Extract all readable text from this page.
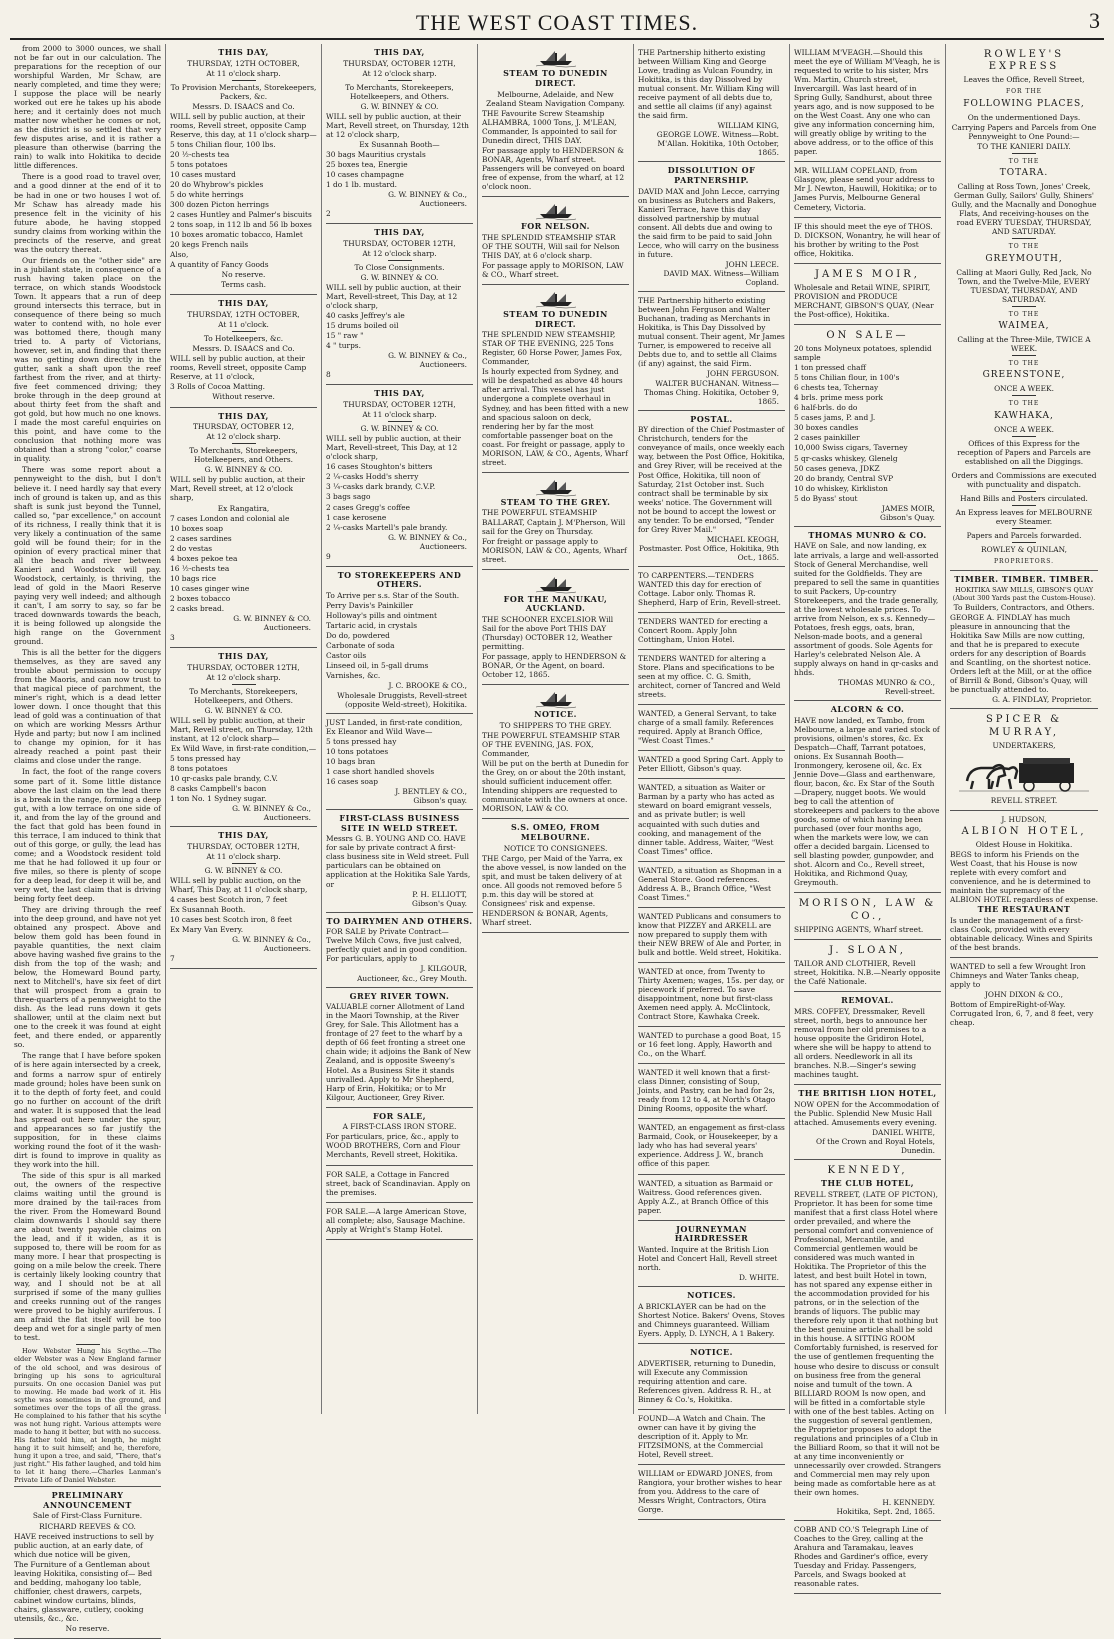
THE WEST COAST TIMES.	3

from 2000 to 3000 ounces, we shall not be far out in our calculation. The preparations for the reception of our worshipful Warden, Mr Schaw, are nearly completed, and time they were; I suppose the place will be nearly worked out ere he takes up his abode here; and it certainly does not much matter now whether he comes or not, as the district is so settled that very few disputes arise, and it is rather a pleasure than otherwise (barring the rain) to walk into Hokitika to decide little differences.

There is a good road to travel over, and a good dinner at the end of it to be had in one or two houses I wot of. Mr Schaw has already made his presence felt in the vicinity of his future abode, he having stopped sundry claims from working within the precincts of the reserve, and great was the outcry thereat.

Our friends on the "other side" are in a jubilant state, in consequence of a rush having taken place on the terrace, on which stands Woodstock Town. It appears that a run of deep ground intersects this terrace, but in consequence of there being so much water to contend with, no hole ever was bottomed there, though many tried to. A party of Victorians, however, set in, and finding that there was no getting down directly in the gutter, sank a shaft upon the reef farthest from the river, and at thirty-five feet commenced driving; they broke through in the deep ground at about thirty feet from the shaft and got gold, but how much no one knows. I made the most careful enquiries on this point, and have come to the conclusion that nothing more was obtained than a strong "color," coarse in quality.

There was some report about a pennyweight to the dish, but I don't believe it. I need hardly say that every inch of ground is taken up, and as this shaft is sunk just beyond the Tunnel, called so, "par excellence," on account of its richness, I really think that it is very likely a continuation of the same gold will be found their; for in the opinion of every practical miner that all the beach and river between Kanieri and Woodstock will pay. Woodstock, certainly, is thriving, the lead of gold in the Maori Reserve paying very well indeed; and although it can't, I am sorry to say, so far be traced downwards towards the beach, it is being followed up alongside the high range on the Government ground.

This is all the better for the diggers themselves, as they are saved any trouble about permission to occupy from the Maoris, and can now trust to that magical piece of parchment, the miner's right, which is a dead letter lower down. I once thought that this lead of gold was a continuation of that on which are working Messrs Arthur Hyde and party; but now I am inclined to change my opinion, for it has already reached a point past their claims and close under the range.

In fact, the foot of the range covers some part of it. Some little distance above the last claim on the lead there is a break in the range, forming a deep gut, with a low terrace on one side of it, and from the lay of the ground and the fact that gold has been found in this terrace, I am induced to think that out of this gorge, or gully, the lead has come; and a Woodstock resident told me that he had followed it up four or five miles, so there is plenty of scope for a deep lead, for deep it will be, and very wet, the last claim that is driving being forty feet deep.

They are driving through the reef into the deep ground, and have not yet obtained any prospect. Above and below them gold has been found in payable quantities, the next claim above having washed five grains to the dish from the top of the wash; and below, the Homeward Bound party, next to Mitchell's, have six feet of dirt that will prospect from a grain to three-quarters of a pennyweight to the dish. As the lead runs down it gets shallower, until at the claim next but one to the creek it was found at eight feet, and there ended, or apparently so.

The range that I have before spoken of is here again intersected by a creek, and forms a narrow spur of entirely made ground; holes have been sunk on it to the depth of forty feet, and could go no further on account of the drift and water. It is supposed that the lead has spread out here under the spur, and appearances so far justify the supposition, for in these claims working round the foot of it the wash-dirt is found to improve in quality as they work into the hill.

The side of this spur is all marked out, the owners of the respective claims waiting until the ground is more drained by the tail-races from the river. From the Homeward Bound claim downwards I should say there are about twenty payable claims on the lead, and if it widen, as it is supposed to, there will be room for as many more. I hear that prospecting is going on a mile below the creek. There is certainly likely looking country that way, and I should not be at all surprised if some of the many gullies and creeks running out of the ranges were proved to be highly auriferous. I am afraid the flat itself will be too deep and wet for a single party of men to test.

How Webster Hung his Scythe.—The elder Webster was a New England farmer of the old school, and was desirous of bringing up his sons to agricultural pursuits. On one occasion Daniel was put to mowing. He made bad work of it. His scythe was sometimes in the ground, and sometimes over the tops of all the grass. He complained to his father that his scythe was not hung right. Various attempts were made to hang it better, but with no success. His father told him, at length, he might hang it to suit himself; and he, therefore, hung it upon a tree, and said, "There, that's just right." His father laughed, and told him to let it hang there.—Charles Lanman's Private Life of Daniel Webster.

PRELIMINARY ANNOUNCEMENT
Sale of First-Class Furniture.
RICHARD REEVES & CO.
HAVE received instructions to sell by public auction, at an early date, of which due notice will be given,
The Furniture of a Gentleman about leaving Hokitika, consisting of— Bed and bedding, mahogany loo table, chiffonier, chest drawers, carpets, cabinet window curtains, blinds, chairs, glassware, cutlery, cooking utensils, &c., &c.
No reserve.
THIS DAY,
THURSDAY, 12TH OCTOBER,
At 11 o'clock sharp.
To Provision Merchants, Storekeepers, Packers, &c.
Messrs. D. ISAACS and Co.
WILL sell by public auction, at their rooms, Revell street, opposite Camp Reserve, this day, at 11 o'clock sharp—
5 tons Chilian flour, 100 lbs.
20 ½-chests tea
5 tons potatoes
10 cases mustard
20 do Whybrow's pickles
5 do white herrings
300 dozen Picton herrings
2 cases Huntley and Palmer's biscuits
2 tons soap, in 112 lb and 56 lb boxes
10 boxes aromatic tobacco, Hamlet
20 kegs French nails
Also,
A quantity of Fancy Goods
No reserve.
Terms cash.
THIS DAY,
THURSDAY, 12TH OCTOBER,
At 11 o'clock.
To Hotelkeepers, &c.
Messrs. D. ISAACS and Co.
WILL sell by public auction, at their rooms, Revell street, opposite Camp Reserve, at 11 o'clock,
3 Rolls of Cocoa Matting.
Without reserve.
THIS DAY,
THURSDAY, OCTOBER 12,
At 12 o'clock sharp.
To Merchants, Storekeepers, Hotelkeepers, and Others.
G. W. BINNEY & CO.
WILL sell by public auction, at their Mart, Revell street, at 12 o'clock sharp,
Ex Rangatira,
7 cases London and colonial ale
10 boxes soap
2 cases sardines
2 do vestas
4 boxes pekoe tea
16 ½-chests tea
10 bags rice
10 cases ginger wine
2 boxes tobacco
2 casks bread.
G. W. BINNEY & CO.
Auctioneers.
3
THIS DAY,
THURSDAY, OCTOBER 12TH,
At 12 o'clock sharp.
To Merchants, Storekeepers, Hotelkeepers, and Others.
G. W. BINNEY & CO.
WILL sell by public auction, at their Mart, Revell street, on Thursday, 12th instant, at 12 o'clock sharp—
Ex Wild Wave, in first-rate condition,—
5 tons pressed hay
8 tons potatoes
10 qr-casks pale brandy, C.V.
8 casks Campbell's bacon
1 ton No. 1 Sydney sugar.
G. W. BINNEY & Co.,
Auctioneers.
THIS DAY,
THURSDAY, OCTOBER 12TH,
At 11 o'clock sharp.
G. W. BINNEY & CO.
WILL sell by public auction, on the Wharf, This Day, at 11 o'clock sharp,
4 cases best Scotch iron, 7 feet
Ex Susannah Booth.
10 cases best Scotch iron, 8 feet
Ex Mary Van Every.
G. W. BINNEY & Co.,
Auctioneers.
7
THIS DAY,
THURSDAY, OCTOBER 12TH,
At 12 o'clock sharp.
To Merchants, Storekeepers, Hotelkeepers, and Others.
G. W. BINNEY & CO.
WILL sell by public auction, at their Mart, Revell street, on Thursday, 12th at 12 o'clock sharp,
Ex Susannah Booth—
30 bags Mauritius crystals
25 boxes tea, Energie
10 cases champagne
1 do 1 lb. mustard.
G. W. BINNEY & Co.,
Auctioneers.
2
THIS DAY,
THURSDAY, OCTOBER 12TH,
At 12 o'clock sharp.
To Close Consignments.
G. W. BINNEY & CO.
WILL sell by public auction, at their Mart, Revell-street, This Day, at 12 o'clock sharp,
40 casks Jeffrey's ale
15 drums boiled oil
15 " raw "
4 " turps.
G. W. BINNEY & Co.,
Auctioneers.
8
THIS DAY,
THURSDAY, OCTOBER 12TH,
At 11 o'clock sharp.
G. W. BINNEY & CO.
WILL sell by public auction, at their Mart, Revell-street, This Day, at 12 o'clock sharp,
16 cases Stoughton's bitters
2 ¼-casks Hodd's sherry
3 ¼-casks dark brandy, C.V.P.
3 bags sago
2 cases Gregg's coffee
1 case kerosene
2 ¼-casks Martell's pale brandy.
G. W. BINNEY & Co.,
Auctioneers.
9
TO STOREKEEPERS AND OTHERS.
To Arrive per s.s. Star of the South.
Perry Davis's Painkiller
Holloway's pills and ointment
Tartaric acid, in crystals
Do do, powdered
Carbonate of soda
Castor oils
Linseed oil, in 5-gall drums
Varnishes, &c.
J. C. BROOKE & CO.,
Wholesale Druggists, Revell-street (opposite Weld-street), Hokitika.
JUST Landed, in first-rate condition, Ex Eleanor and Wild Wave—
5 tons pressed hay
10 tons potatoes
10 bags bran
1 case short handled shovels
16 cases soap
J. BENTLEY & CO.,
Gibson's quay.
FIRST-CLASS BUSINESS SITE IN WELD STREET.
Messrs G. B. YOUNG AND CO. HAVE for sale by private contract A first-class business site in Weld street. Full particulars can be obtained on application at the Hokitika Sale Yards, or
P. H. ELLIOTT,
Gibson's Quay.
TO DAIRYMEN AND OTHERS.
FOR SALE by Private Contract— Twelve Milch Cows, five just calved, perfectly quiet and in good condition. For particulars, apply to
J. KILGOUR,
Auctioneer, &c., Grey Mouth.
GREY RIVER TOWN.
VALUABLE corner Allotment of Land in the Maori Township, at the River Grey, for Sale. This Allotment has a frontage of 27 feet to the wharf by a depth of 66 feet fronting a street one chain wide; it adjoins the Bank of New Zealand, and is opposite Sweeny's Hotel. As a Business Site it stands unrivalled. Apply to Mr Shepherd, Harp of Erin, Hokitika; or to Mr Kilgour, Auctioneer, Grey River.
FOR SALE,
A FIRST-CLASS IRON STORE.
For particulars, price, &c., apply to WOOD BROTHERS, Corn and Flour Merchants, Revell street, Hokitika.
FOR SALE, a Cottage in Fancred street, back of Scandinavian. Apply on the premises.
FOR SALE.—A large American Stove, all complete; also, Sausage Machine. Apply at Wright's Stamp Hotel.
STEAM TO DUNEDIN DIRECT.
Melbourne, Adelaide, and New Zealand Steam Navigation Company.
THE Favourite Screw Steamship ALHAMBRA, 1000 Tons, J. M'LEAN, Commander, Is appointed to sail for Dunedin direct, THIS DAY.
For passage apply to HENDERSON & BONAR, Agents, Wharf street. Passengers will be conveyed on board free of expense, from the wharf, at 12 o'clock noon.
FOR NELSON.
THE SPLENDID STEAMSHIP STAR OF THE SOUTH, Will sail for Nelson THIS DAY, at 6 o'clock sharp.
For passage apply to MORISON, LAW & CO., Wharf street.
STEAM TO DUNEDIN DIRECT.
THE SPLENDID NEW STEAMSHIP, STAR OF THE EVENING, 225 Tons Register, 60 Horse Power, James Fox, Commander,
Is hourly expected from Sydney, and will be despatched as above 48 hours after arrival. This vessel has just undergone a complete overhaul in Sydney, and has been fitted with a new and spacious saloon on deck, rendering her by far the most comfortable passenger boat on the coast. For freight or passage, apply to MORISON, LAW, & CO., Agents, Wharf street.
STEAM TO THE GREY.
THE POWERFUL STEAMSHIP BALLARAT, Captain J. M'Pherson, Will sail for the Grey on Thursday.
For freight or passage apply to MORISON, LAW & CO., Agents, Wharf street.
FOR THE MANUKAU, AUCKLAND.
THE SCHOONER EXCELSIOR Will Sail for the above Port THIS DAY (Thursday) OCTOBER 12, Weather permitting.
For passage, apply to HENDERSON & BONAR, Or the Agent, on board. October 12, 1865.
NOTICE.
TO SHIPPERS TO THE GREY.
THE POWERFUL STEAMSHIP STAR OF THE EVENING, JAS. FOX, Commander,
Will be put on the berth at Dunedin for the Grey, on or about the 20th instant, should sufficient inducement offer. Intending shippers are requested to communicate with the owners at once. MORISON, LAW & CO.
S.S. OMEO, FROM MELBOURNE.
NOTICE TO CONSIGNEES.
THE Cargo, per Maid of the Yarra, ex the above vessel, is now landed on the spit, and must be taken delivery of at once. All goods not removed before 5 p.m. this day will be stored at Consignees' risk and expense.
HENDERSON & BONAR, Agents, Wharf street.
THE Partnership hitherto existing between William King and George Lowe, trading as Vulcan Foundry, in Hokitika, is this day Dissolved by mutual consent. Mr. William King will receive payment of all debts due to, and settle all claims (if any) against the said firm.
WILLIAM KING,
GEORGE LOWE. Witness—Robt. M'Allan. Hokitika, 10th October, 1865.
DISSOLUTION OF PARTNERSHIP.
DAVID MAX and John Lecce, carrying on business as Butchers and Bakers, Kanieri Terrace, have this day dissolved partnership by mutual consent. All debts due and owing to the said firm to be paid to said John Lecce, who will carry on the business in future.
JOHN LEECE.
DAVID MAX. Witness—William Copland.
THE Partnership hitherto existing between John Ferguson and Walter Buchanan, trading as Merchants in Hokitika, is This Day Dissolved by mutual consent. Their agent, Mr James Turner, is empowered to receive all Debts due to, and to settle all Claims (if any) against, the said Firm.
JOHN FERGUSON.
WALTER BUCHANAN. Witness—Thomas Ching. Hokitika, October 9, 1865.
POSTAL.
BY direction of the Chief Postmaster of Christchurch, tenders for the conveyance of mails, once weekly each way, between the Post Office, Hokitika, and Grey River, will be received at the Post Office, Hokitika, till noon of Saturday, 21st October inst. Such contract shall be terminable by six weeks' notice. The Government will not be bound to accept the lowest or any tender. To be endorsed, "Tender for Grey River Mail."
MICHAEL KEOGH,
Postmaster. Post Office, Hokitika, 9th Oct., 1865.
TO CARPENTERS.—TENDERS WANTED this day for erection of Cottage. Labor only. Thomas R. Shepherd, Harp of Erin, Revell-street.
TENDERS WANTED for erecting a Concert Room. Apply John Cottingham, Union Hotel.
TENDERS WANTED for altering a Store. Plans and specifications to be seen at my office. C. G. Smith, architect, corner of Tancred and Weld streets.
WANTED, a General Servant, to take charge of a small family. References required. Apply at Branch Office, "West Coast Times."
WANTED a good Spring Cart. Apply to Peter Elliott, Gibson's quay.
WANTED, a situation as Waiter or Barman by a party who has acted as steward on board emigrant vessels, and as private butler; is well acquainted with such duties and cooking, and management of the dinner table. Address, Waiter, "West Coast Times" office.
WANTED, a situation as Shopman in a General Store. Good references. Address A. B., Branch Office, "West Coast Times."
WANTED Publicans and consumers to know that PIZZEY and ARKELL are now prepared to supply them with their NEW BREW of Ale and Porter, in bulk and bottle. Weld street, Hokitika.
WANTED at once, from Twenty to Thirty Axemen; wages, 15s. per day, or piecework if preferred. To save disappointment, none but first-class Axemen need apply. A. McClintock, Contract Store, Kawhaka Creek.
WANTED to purchase a good Boat, 15 or 16 feet long. Apply, Haworth and Co., on the Wharf.
WANTED it well known that a first-class Dinner, consisting of Soup, Joints, and Pastry, can be had for 2s, ready from 12 to 4, at North's Otago Dining Rooms, opposite the wharf.
WANTED, an engagement as first-class Barmaid, Cook, or Housekeeper, by a lady who has had several years' experience. Address J. W., branch office of this paper.
WANTED, a situation as Barmaid or Waitress. Good references given. Apply A.Z., at Branch Office of this paper.
JOURNEYMAN HAIRDRESSER
Wanted. Inquire at the British Lion Hotel and Concert Hall, Revell street north.
D. WHITE.
NOTICES.
A BRICKLAYER can be had on the Shortest Notice. Bakers' Ovens, Stoves and Chimneys guaranteed. William Eyers. Apply, D. LYNCH, A 1 Bakery.
NOTICE.
ADVERTISER, returning to Dunedin, will Execute any Commission requiring attention and care. References given. Address R. H., at Binney & Co.'s, Hokitika.
FOUND—A Watch and Chain. The owner can have it by giving the description of it. Apply to Mr. FITZSIMONS, at the Commercial Hotel, Revell street.
WILLIAM or EDWARD JONES, from Rangiora, your brother wishes to hear from you. Address to the care of Messrs Wright, Contractors, Otira Gorge.
WILLIAM M'VEAGH.—Should this meet the eye of William M'Veagh, he is requested to write to his sister, Mrs Wm. Martin, Church street, Invercargill. Was last heard of in Spring Gully, Sandhurst, about three years ago, and is now supposed to be on the West Coast. Any one who can give any information concerning him, will greatly oblige by writing to the above address, or to the office of this paper.
MR. WILLIAM COPELAND, from Glasgow, please send your address to Mr J. Newton, Hauwill, Hokitika; or to James Purvis, Melbourne General Cemetery, Victoria.
IF this should meet the eye of THOS. D. DICKSON, Wonantry, he will hear of his brother by writing to the Post office, Hokitika.
JAMES MOIR,
Wholesale and Retail WINE, SPIRIT, PROVISION and PRODUCE MERCHANT, GIBSON'S QUAY, (Near the Post-office), Hokitika.
ON SALE—
20 tons Molyneux potatoes, splendid sample
1 ton pressed chaff
5 tons Chilian flour, in 100's
6 chests tea, Tchernay
4 brls. prime mess pork
6 half-brls. do do
5 cases jams, P. and J.
30 boxes candles
2 cases painkiller
10,000 Swiss cigars, Taverney
5 qr-casks whiskey, Glenelg
50 cases geneva, JDKZ
20 do brandy, Central SVP
10 do whiskey, Kirkliston
5 do Byass' stout
JAMES MOIR,
Gibson's Quay.
THOMAS MUNRO & CO.
HAVE on Sale, and now landing, ex late arrivals, a large and well-assorted Stock of General Merchandise, well suited for the Goldfields. They are prepared to sell the same in quantities to suit Packers, Up-country Storekeepers, and the trade generally, at the lowest wholesale prices. To arrive from Nelson, ex s.s. Kennedy—Potatoes, fresh eggs, oats, bran, Nelson-made boots, and a general assortment of goods. Sole Agents for Harley's celebrated Nelson Ale. A supply always on hand in qr-casks and hhds.
THOMAS MUNRO & CO.,
Revell-street.
ALCORN & CO.
HAVE now landed, ex Tambo, from Melbourne, a large and varied stock of provisions, oilmen's stores, &c. Ex Despatch—Chaff, Tarrant potatoes, onions. Ex Susannah Booth—Ironmongery, kerosene oil, &c. Ex Jennie Dove—Glass and earthenware, flour, bacon, &c. Ex Star of the South—Drapery, nugget boots. We would beg to call the attention of storekeepers and packers to the above goods, some of which having been purchased (over four months ago, when the markets were low, we can offer a decided bargain. Licensed to sell blasting powder, gunpowder, and shot. Alcorn and Co., Revell street, Hokitika, and Richmond Quay, Greymouth.
MORISON, LAW & CO.,
SHIPPING AGENTS, Wharf street.
J. SLOAN,
TAILOR AND CLOTHIER, Revell street, Hokitika. N.B.—Nearly opposite the Café Nationale.
REMOVAL.
MRS. COFFEY, Dressmaker, Revell street, north, begs to announce her removal from her old premises to a house opposite the Gridiron Hotel, where she will be happy to attend to all orders. Needlework in all its branches. N.B.—Singer's sewing machines taught.
THE BRITISH LION HOTEL,
NOW OPEN for the Accommodation of the Public. Splendid New Music Hall attached. Amusements every evening.
DANIEL WHITE,
Of the Crown and Royal Hotels, Dunedin.
KENNEDY,
THE CLUB HOTEL,
REVELL STREET, (LATE OF PICTON), Proprietor. It has been for some time manifest that a first class Hotel where order prevailed, and where the personal comfort and convenience of Professional, Mercantile, and Commercial gentlemen would be considered was much wanted in Hokitika. The Proprietor of this the latest, and best built Hotel in town, has not spared any expense either in the accommodation provided for his patrons, or in the selection of the brands of liquors. The public may therefore rely upon it that nothing but the best genuine article shall be sold in this house. A SITTING ROOM Comfortably furnished, is reserved for the use of gentlemen frequenting the house who desire to discuss or consult on business free from the general noise and tumult of the town. A BILLIARD ROOM Is now open, and will be fitted in a comfortable style with one of the best tables. Acting on the suggestion of several gentlemen, the Proprietor proposes to adopt the regulations and principles of a Club in the Billiard Room, so that it will not be at any time inconveniently or unnecessarily over crowded. Strangers and Commercial men may rely upon being made as comfortable here as at their own homes.
H. KENNEDY.
Hokitika, Sept. 2nd, 1865.
COBB AND CO.'S Telegraph Line of Coaches to the Grey, calling at the Arahura and Taramakau, leaves Rhodes and Gardiner's office, every Tuesday and Friday. Passengers, Parcels, and Swags booked at reasonable rates.
ROWLEY'S EXPRESS
Leaves the Office, Revell Street,
FOR THE
FOLLOWING PLACES,
On the undermentioned Days.
Carrying Papers and Parcels from One Pennyweight to One Pound:—
TO THE KANIERI DAILY.
TO THE
TOTARA.
Calling at Ross Town, Jones' Creek, German Gully, Sailors' Gully, Shiners' Gully, and the Macnally and Donoghue Flats, And receiving-houses on the road EVERY TUESDAY, THURSDAY, AND SATURDAY.
TO THE
GREYMOUTH,
Calling at Maori Gully, Red Jack, No Town, and the Twelve-Mile, EVERY TUESDAY, THURSDAY, AND SATURDAY.
TO THE
WAIMEA,
Calling at the Three-Mile, TWICE A WEEK.
TO THE
GREENSTONE,
ONCE A WEEK.
TO THE
KAWHAKA,
ONCE A WEEK.
Offices of this Express for the reception of Papers and Parcels are established on all the Diggings.
Orders and Commissions are executed with punctuality and dispatch.
Hand Bills and Posters circulated.
An Express leaves for MELBOURNE every Steamer.
Papers and Parcels forwarded.
ROWLEY & QUINLAN,
PROPRIETORS.
TIMBER. TIMBER. TIMBER.
HOKITIKA SAW MILLS, GIBSON'S QUAY (About 300 Yards past the Custom-House).
To Builders, Contractors, and Others.
GEORGE A. FINDLAY has much pleasure in announcing that the Hokitika Saw Mills are now cutting, and that he is prepared to execute orders for any description of Boards and Scantling, on the shortest notice. Orders left at the Mill, or at the office of Birrill & Bond, Gibson's Quay, will be punctually attended to.
G. A. FINDLAY, Proprietor.
SPICER & MURRAY,
UNDERTAKERS,
REVELL STREET.
J. HUDSON,
ALBION HOTEL,
Oldest House in Hokitika.
BEGS to inform his Friends on the West Coast, that his House is now replete with every comfort and convenience, and he is determined to maintain the supremacy of the ALBION HOTEL regardless of expense.
THE RESTAURANT
Is under the management of a first-class Cook, provided with every obtainable delicacy. Wines and Spirits of the best brands.
WANTED to sell a few Wrought Iron Chimneys and Water Tanks cheap, apply to
JOHN DIXON & CO.,
Bottom of EmpireRight-of-Way. Corrugated Iron, 6, 7, and 8 feet, very cheap.
